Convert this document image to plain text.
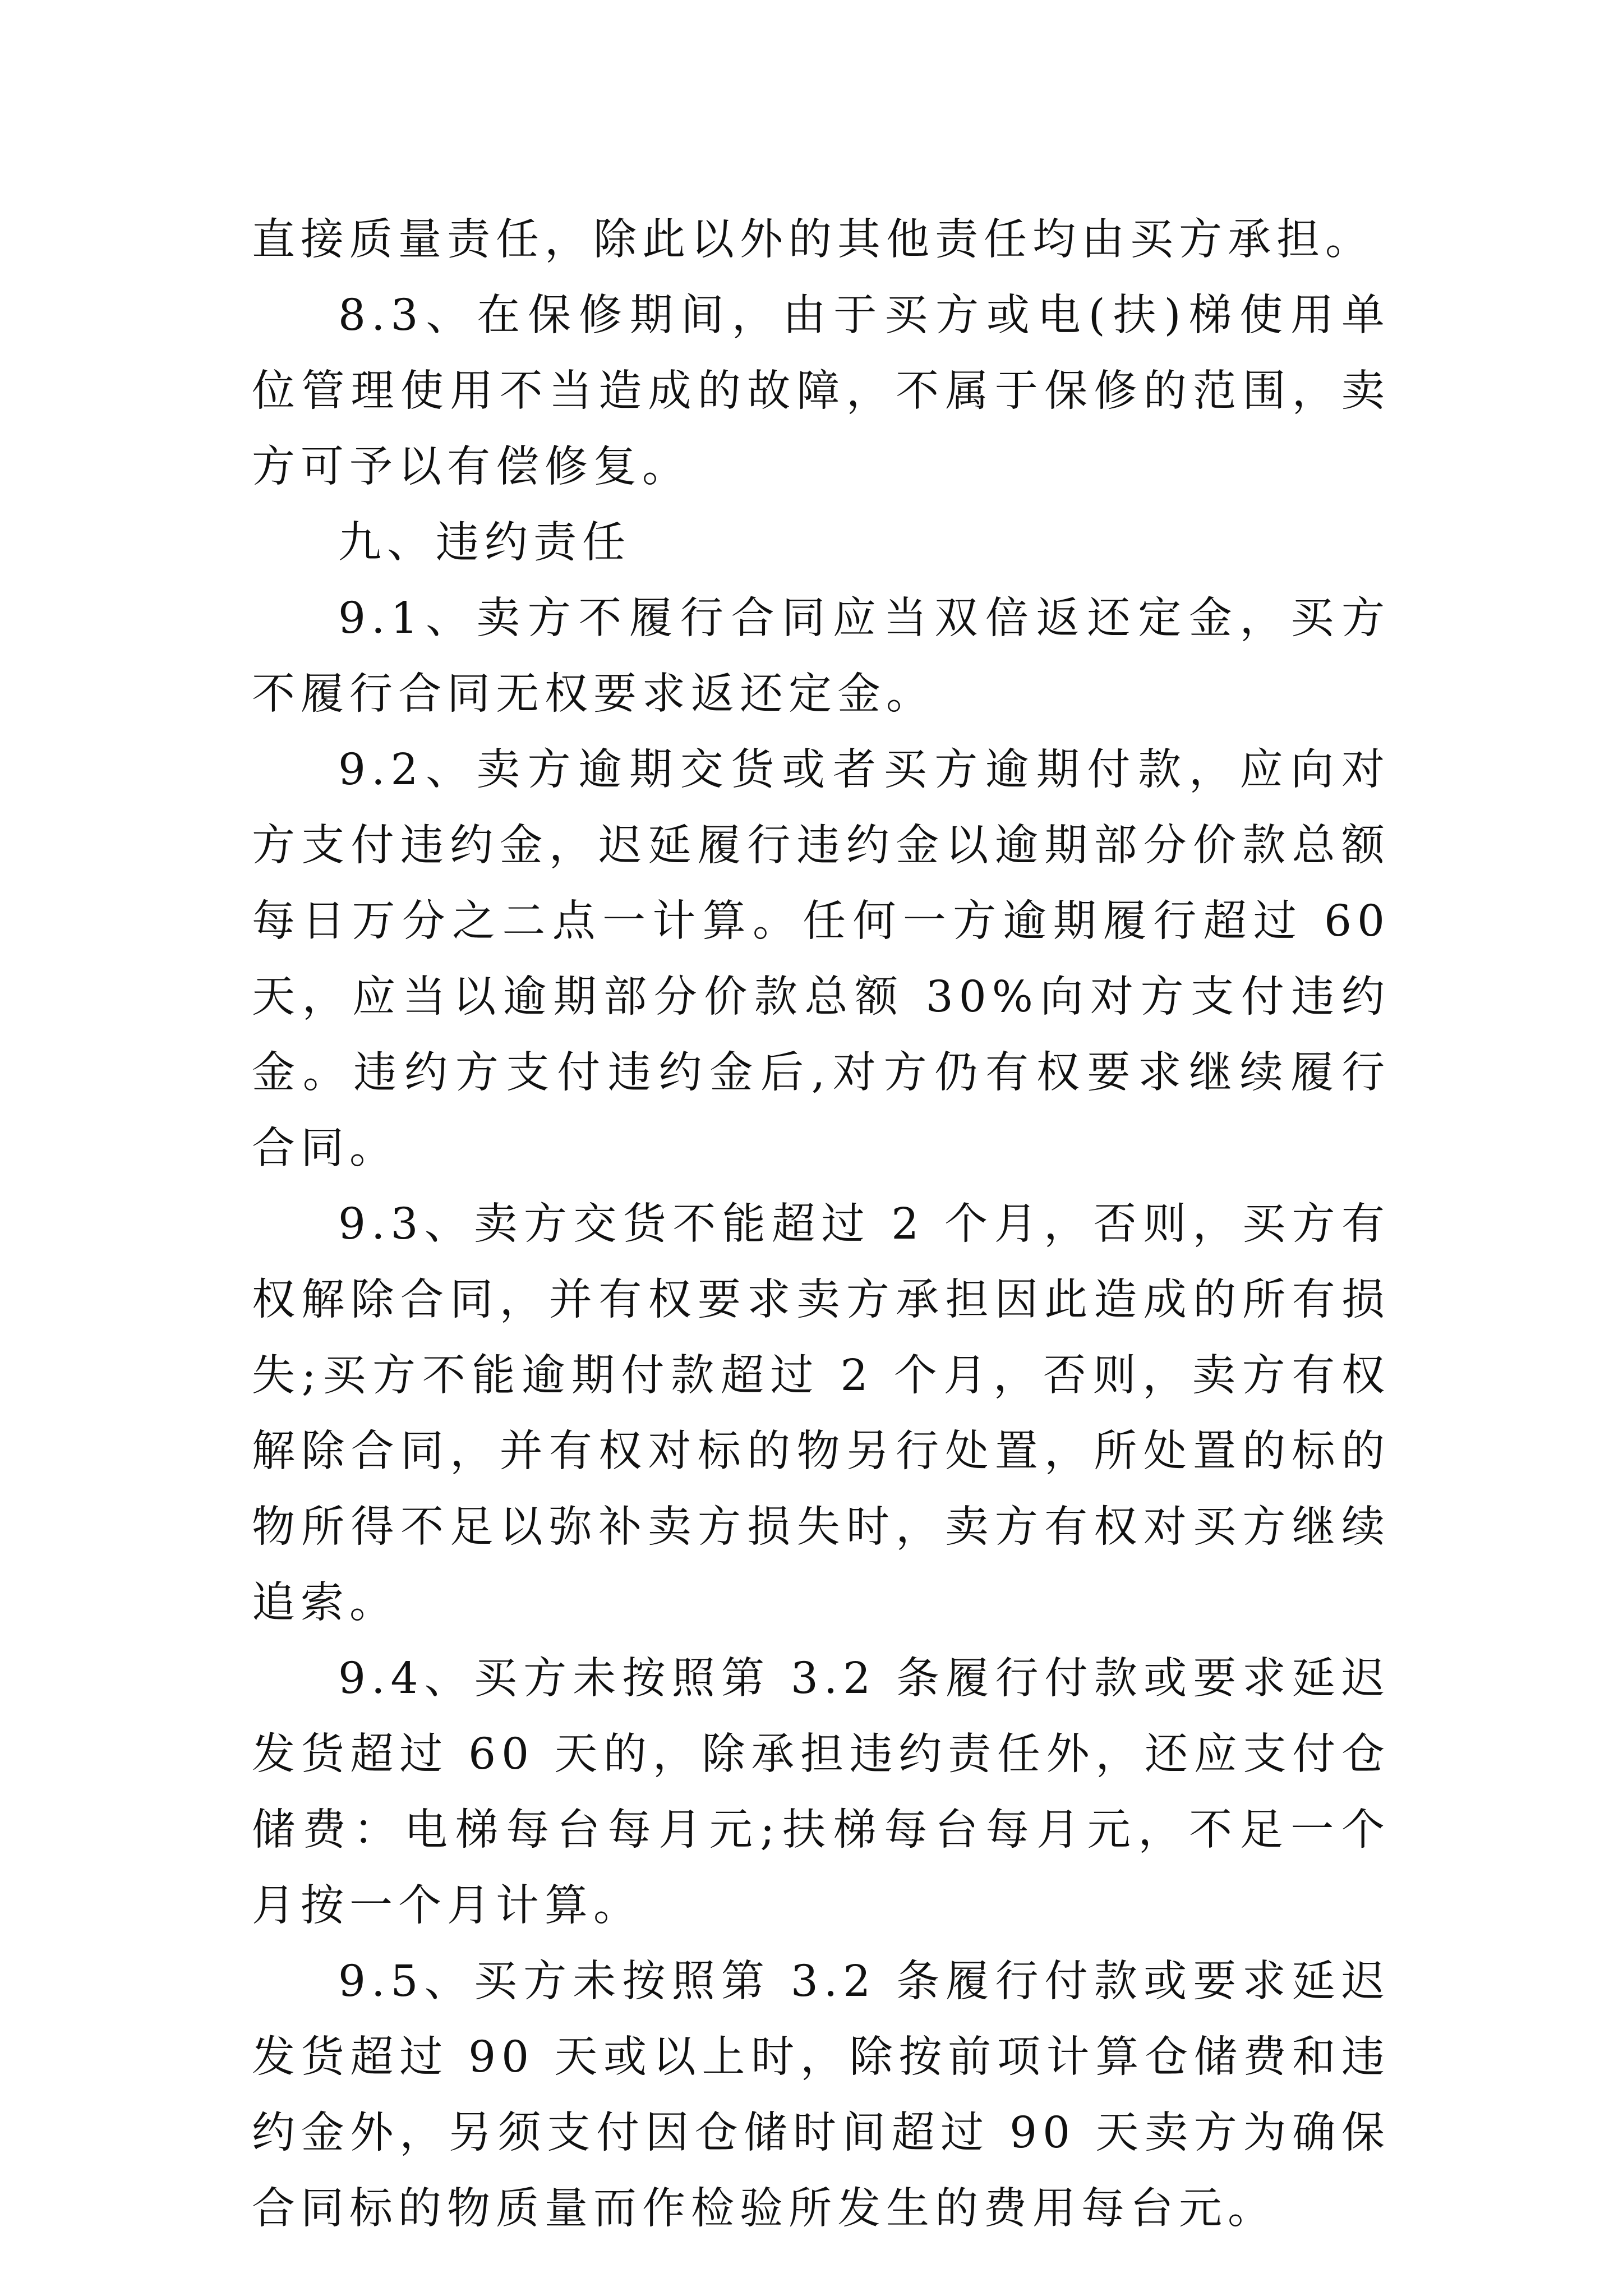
直接质量责任，除此以外的其他责任均由买方承担。

8.3、在保修期间，由于买方或电(扶)梯使用单位管理使用不当造成的故障，不属于保修的范围，卖方可予以有偿修复。

九、违约责任

9.1、卖方不履行合同应当双倍返还定金，买方不履行合同无权要求返还定金。

9.2、卖方逾期交货或者买方逾期付款，应向对方支付违约金，迟延履行违约金以逾期部分价款总额每日万分之二点一计算。任何一方逾期履行超过 60 天，应当以逾期部分价款总额 30%向对方支付违约金。违约方支付违约金后,对方仍有权要求继续履行合同。

9.3、卖方交货不能超过 2 个月，否则，买方有权解除合同，并有权要求卖方承担因此造成的所有损失;买方不能逾期付款超过 2 个月，否则，卖方有权解除合同，并有权对标的物另行处置，所处置的标的物所得不足以弥补卖方损失时，卖方有权对买方继续追索。

9.4、买方未按照第 3.2 条履行付款或要求延迟发货超过 60 天的，除承担违约责任外，还应支付仓储费：电梯每台每月元;扶梯每台每月元，不足一个月按一个月计算。

9.5、买方未按照第 3.2 条履行付款或要求延迟发货超过 90 天或以上时，除按前项计算仓储费和违约金外，另须支付因仓储时间超过 90 天卖方为确保合同标的物质量而作检验所发生的费用每台元。
